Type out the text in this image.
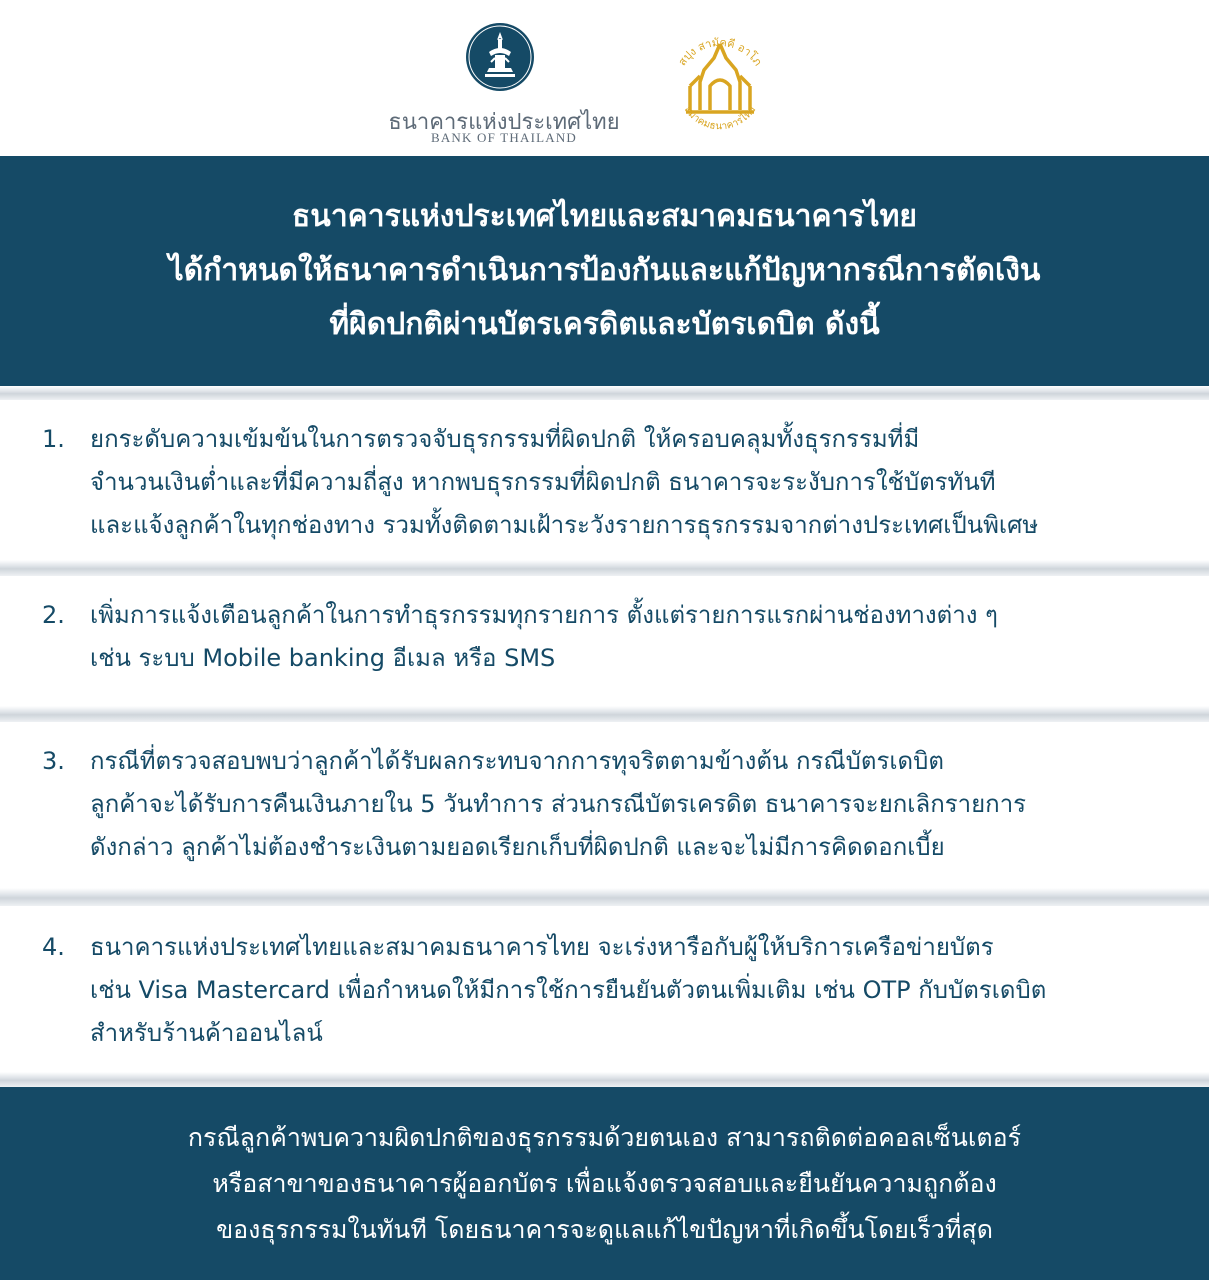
ธนาคารแห่งประเทศไทย
BANK OF THAILAND
สปุง สามัคคี อาโภ
สมาคมธนาคารไทย
ธนาคารแห่งประเทศไทยและสมาคมธนาคารไทย
ได้กำหนดให้ธนาคารดำเนินการป้องกันและแก้ปัญหากรณีการตัดเงิน
ที่ผิดปกติผ่านบัตรเครดิตและบัตรเดบิต ดังนี้
1. ยกระดับความเข้มข้นในการตรวจจับธุรกรรมที่ผิดปกติ ให้ครอบคลุมทั้งธุรกรรมที่มี
จำนวนเงินต่ำและที่มีความถี่สูง หากพบธุรกรรมที่ผิดปกติ ธนาคารจะระงับการใช้บัตรทันที
และแจ้งลูกค้าในทุกช่องทาง รวมทั้งติดตามเฝ้าระวังรายการธุรกรรมจากต่างประเทศเป็นพิเศษ
2. เพิ่มการแจ้งเตือนลูกค้าในการทำธุรกรรมทุกรายการ ตั้งแต่รายการแรกผ่านช่องทางต่าง ๆ
เช่น ระบบ Mobile banking อีเมล หรือ SMS
3. กรณีที่ตรวจสอบพบว่าลูกค้าได้รับผลกระทบจากการทุจริตตามข้างต้น กรณีบัตรเดบิต
ลูกค้าจะได้รับการคืนเงินภายใน 5 วันทำการ ส่วนกรณีบัตรเครดิต ธนาคารจะยกเลิกรายการ
ดังกล่าว ลูกค้าไม่ต้องชำระเงินตามยอดเรียกเก็บที่ผิดปกติ และจะไม่มีการคิดดอกเบี้ย
4. ธนาคารแห่งประเทศไทยและสมาคมธนาคารไทย จะเร่งหารือกับผู้ให้บริการเครือข่ายบัตร
เช่น Visa Mastercard เพื่อกำหนดให้มีการใช้การยืนยันตัวตนเพิ่มเติม เช่น OTP กับบัตรเดบิต
สำหรับร้านค้าออนไลน์
กรณีลูกค้าพบความผิดปกติของธุรกรรมด้วยตนเอง สามารถติดต่อคอลเซ็นเตอร์
หรือสาขาของธนาคารผู้ออกบัตร เพื่อแจ้งตรวจสอบและยืนยันความถูกต้อง
ของธุรกรรมในทันที โดยธนาคารจะดูแลแก้ไขปัญหาที่เกิดขึ้นโดยเร็วที่สุด
